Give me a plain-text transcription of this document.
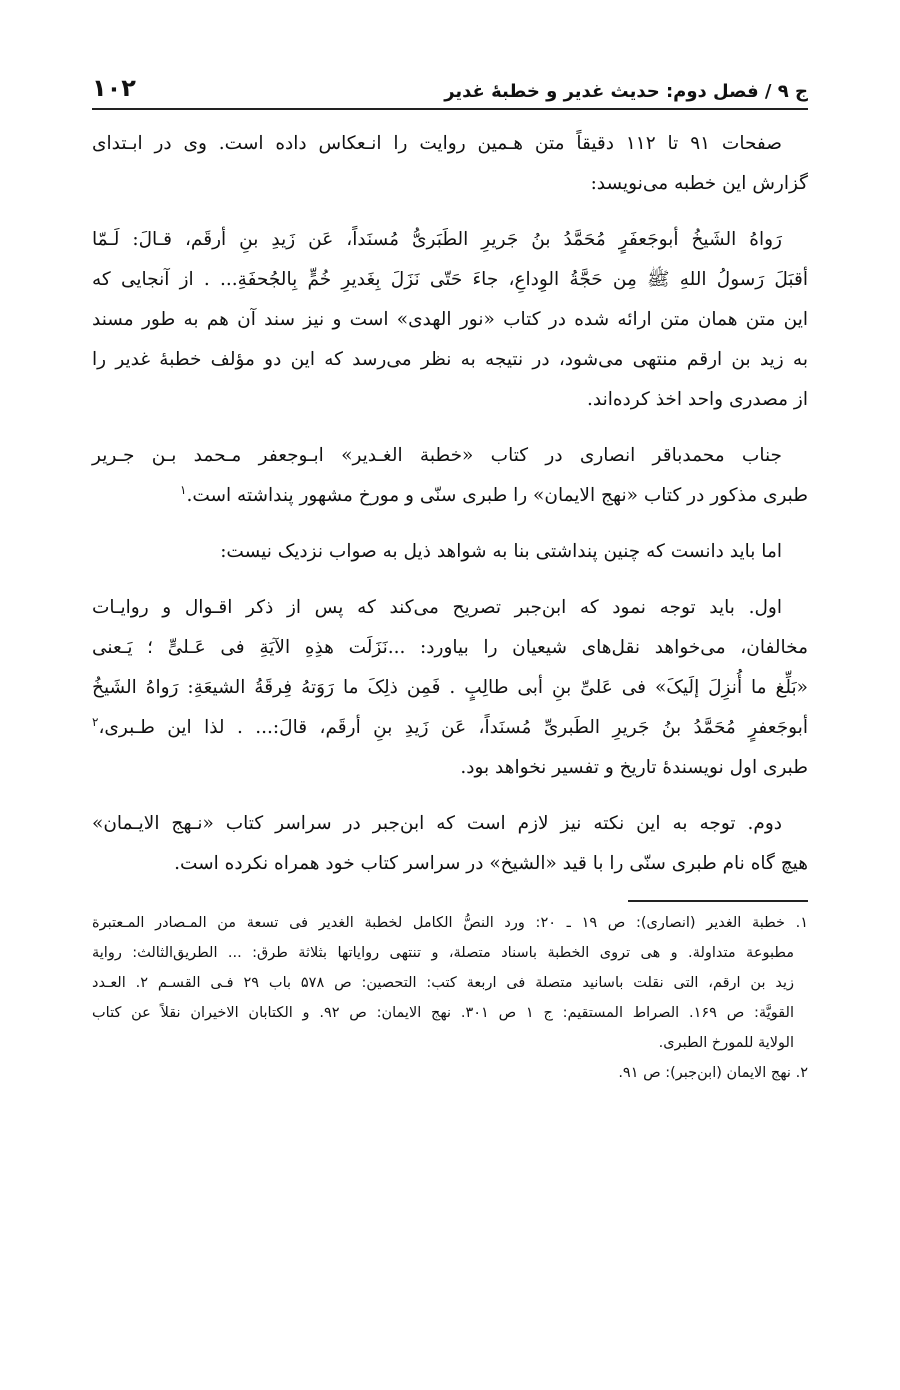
ج ۹ / فصل دوم: حدیث غدیر و خطبهٔ غدیر
۱۰۲

صفحات ۹۱ تا ۱۱۲ دقیقاً متن هـمین روایت را انـعکاس داده است. وی در ابـتدای
گزارش این خطبه می‌نویسد:

رَواهُ الشَیخُ أبوجَعفَرٍ مُحَمَّدُ بنُ جَریرِ الطَبَریُّ مُسنَداً، عَن زَیدِ بنِ أرقَم، قـالَ: لَـمّا
أقبَلَ رَسولُ اللهِ ﷺ مِن حَجَّةُ الوِداعِ، جاءَ حَتّی نَزَلَ بِغَدیرِ خُمٍّ بِالجُحفَةِ... . از آنجایی که
این متن همان متن ارائه شده در کتاب «نور الهدی» است و نیز سند آن هم به طور مسند
به زید بن ارقم منتهی می‌شود، در نتیجه به نظر می‌رسد که این دو مؤلف خطبهٔ غدیر را
از مصدری واحد اخذ کرده‌اند.

جناب محمدباقر انصاری در کتاب «خطبة الغـدیر» ابـوجعفر مـحمد بـن جـریر
طبری مذکور در کتاب «نهج الایمان» را طبری سنّی و مورخ مشهور پنداشته است.$^۱$

اما باید دانست که چنین پنداشتی بنا به شواهد ذیل به صواب نزدیک نیست:

اول. باید توجه نمود که ابن‌جبر تصریح می‌کند که پس از ذکر اقـوال و روایـات
مخالفان، می‌خواهد نقل‌های شیعیان را بیاورد: ...نَزَلَت هذِهِ الآیَةِ فی عَـلیٍّ ؛ یَـعنی
«بَلِّغ ما أُنزِلَ إلَیکَ» فی عَلیِّ بنِ أبی طالِبٍ . فَمِن ذلِکَ ما رَوَتهُ فِرقَةُ الشیعَةِ: رَواهُ الشَیخُ
أبوجَعفرٍ مُحَمَّدُ بنُ جَریرِ الطَبریِّ مُسنَداً، عَن زَیدِ بنِ أرقَم، قالَ:... . لذا این طـبری،$^۲$
طبری اول نویسندهٔ تاریخ و تفسیر نخواهد بود.

دوم. توجه به این نکته نیز لازم است که ابن‌جبر در سراسر کتاب «نـهج الایـمان»
هیچ گاه نام طبری سنّی را با قید «الشیخ» در سراسر کتاب خود همراه نکرده است.

۱. خطبة الغدیر (انصاری): ص ۱۹ ـ ۲۰: ورد النصُّ الکامل لخطبة الغدیر فی تسعة من المـصادر المـعتبرة
مطبوعة متداولة. و هی تروی الخطبة باسناد متصلة، و تنتهی روایاتها بثلاثة طرق: ... الطریق‌الثالث: روایة
زید بن ارقم، التی نقلت باسانید متصلة فی اربعة کتب: التحصین: ص ۵۷۸ باب ۲۹ فـی القسـم ۲. العـدد
القویَّة: ص ۱۶۹. الصراط المستقیم: ج ۱ ص ۳۰۱. نهج الایمان: ص ۹۲. و الکتابان الاخیران نقلاً عن کتاب
الولایة للمورخ الطبری.
۲. نهج الایمان (ابن‌جبر): ص ۹۱.
